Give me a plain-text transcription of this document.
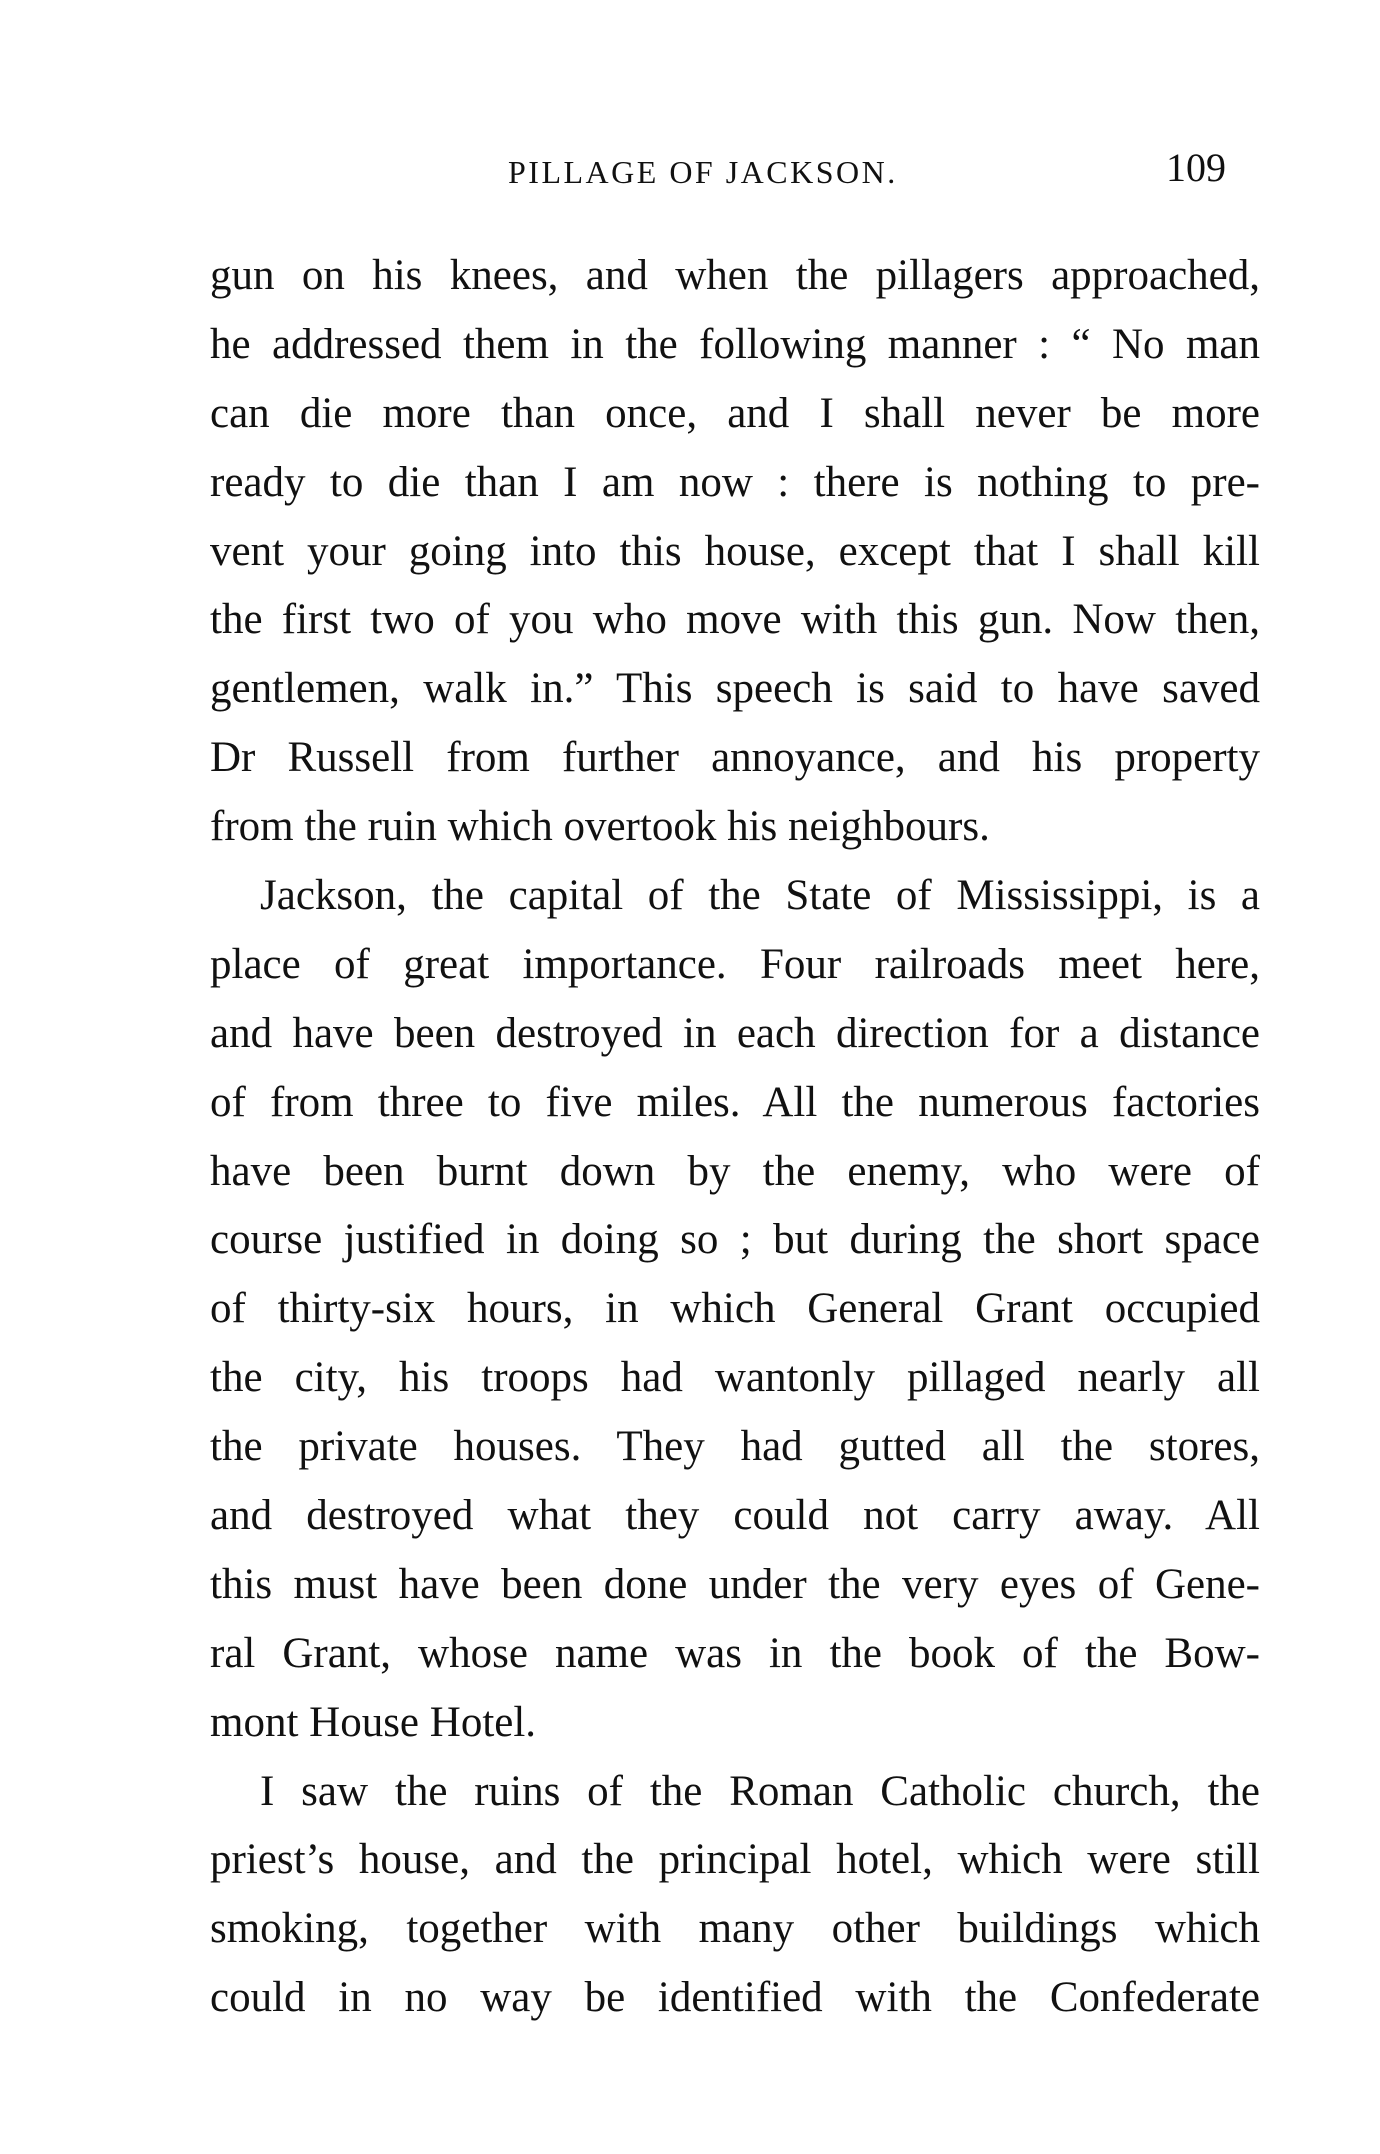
PILLAGE OF JACKSON.	109
gun on his knees, and when the pillagers approached,
he addressed them in the following manner : “ No man
can die more than once, and I shall never be more
ready to die than I am now : there is nothing to pre-
vent your going into this house, except that I shall kill
the first two of you who move with this gun. Now then,
gentlemen, walk in.” This speech is said to have saved
Dr Russell from further annoyance, and his property
from the ruin which overtook his neighbours.
Jackson, the capital of the State of Mississippi, is a
place of great importance. Four railroads meet here,
and have been destroyed in each direction for a distance
of from three to five miles. All the numerous factories
have been burnt down by the enemy, who were of
course justified in doing so ; but during the short space
of thirty-six hours, in which General Grant occupied
the city, his troops had wantonly pillaged nearly all
the private houses. They had gutted all the stores,
and destroyed what they could not carry away. All
this must have been done under the very eyes of Gene-
ral Grant, whose name was in the book of the Bow-
mont House Hotel.
I saw the ruins of the Roman Catholic church, the
priest’s house, and the principal hotel, which were still
smoking, together with many other buildings which
could in no way be identified with the Confederate
